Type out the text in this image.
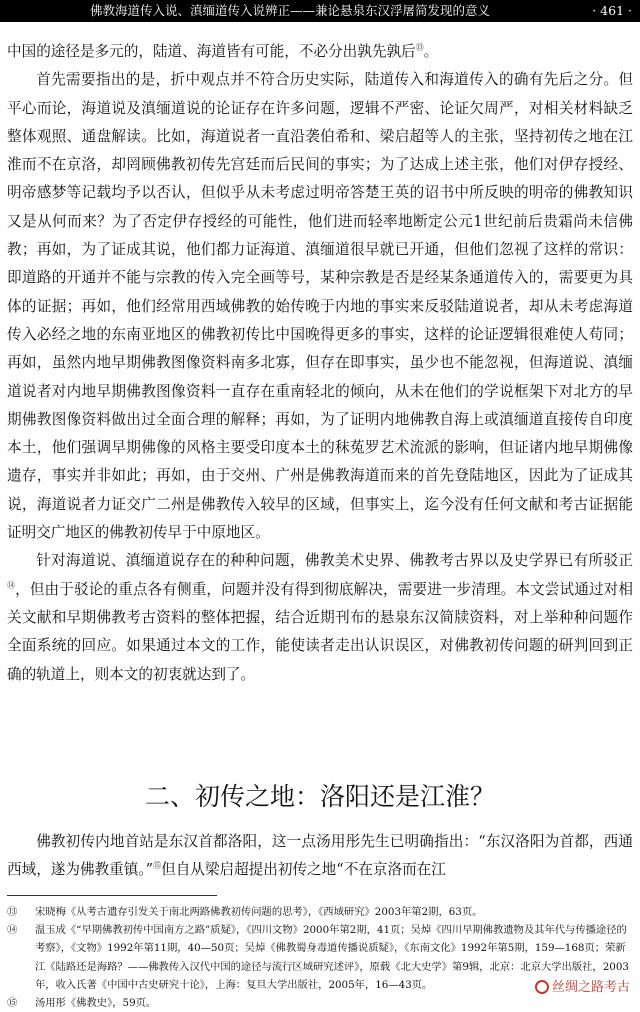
佛教海道传入说、滇缅道传入说辨正——兼论悬泉东汉浮屠简发现的意义	· 461 ·

中国的途径是多元的，陆道、海道皆有可能，不必分出孰先孰后⑬。

首先需要指出的是，折中观点并不符合历史实际，陆道传入和海道传入的确有先后之分。但平心而论，海道说及滇缅道说的论证存在许多问题，逻辑不严密、论证欠周严，对相关材料缺乏整体观照、通盘解读。比如，海道说者一直沿袭伯希和、梁启超等人的主张，坚持初传之地在江淮而不在京洛，却罔顾佛教初传先宫廷而后民间的事实；为了达成上述主张，他们对伊存授经、明帝感梦等记载均予以否认，但似乎从未考虑过明帝答楚王英的诏书中所反映的明帝的佛教知识又是从何而来？为了否定伊存授经的可能性，他们进而轻率地断定公元1世纪前后贵霜尚未信佛教；再如，为了证成其说，他们都力证海道、滇缅道很早就已开通，但他们忽视了这样的常识：即道路的开通并不能与宗教的传入完全画等号，某种宗教是否是经某条通道传入的，需要更为具体的证据；再如，他们经常用西域佛教的始传晚于内地的事实来反驳陆道说者，却从未考虑海道传入必经之地的东南亚地区的佛教初传比中国晚得更多的事实，这样的论证逻辑很难使人苟同；再如，虽然内地早期佛教图像资料南多北寡，但存在即事实，虽少也不能忽视，但海道说、滇缅道说者对内地早期佛教图像资料一直存在重南轻北的倾向，从未在他们的学说框架下对北方的早期佛教图像资料做出过全面合理的解释；再如，为了证明内地佛教自海上或滇缅道直接传自印度本土，他们强调早期佛像的风格主要受印度本土的秣菟罗艺术流派的影响，但证诸内地早期佛像遗存，事实并非如此；再如，由于交州、广州是佛教海道而来的首先登陆地区，因此为了证成其说，海道说者力证交广二州是佛教传入较早的区域，但事实上，迄今没有任何文献和考古证据能证明交广地区的佛教初传早于中原地区。

针对海道说、滇缅道说存在的种种问题，佛教美术史界、佛教考古界以及史学界已有所驳正⑭，但由于驳论的重点各有侧重，问题并没有得到彻底解决，需要进一步清理。本文尝试通过对相关文献和早期佛教考古资料的整体把握，结合近期刊布的悬泉东汉简牍资料，对上举种种问题作全面系统的回应。如果通过本文的工作，能使读者走出认识误区，对佛教初传问题的研判回到正确的轨道上，则本文的初衷就达到了。

二、初传之地：洛阳还是江淮？

佛教初传内地首站是东汉首都洛阳，这一点汤用彤先生已明确指出：“东汉洛阳为首都，西通西域，遂为佛教重镇。”⑮但自从梁启超提出初传之地“不在京洛而在江

⑬ 宋晓梅《从考古遗存引发关于南北两路佛教初传问题的思考》，《西域研究》2003年第2期，63页。
⑭ 温玉成《“早期佛教初传中国南方之路”质疑》，《四川文物》2000年第2期，41页；吴焯《四川早期佛教遗物及其年代与传播途径的考察》，《文物》1992年第11期，40—50页；吴焯《佛教蜀身毒道传播说质疑》，《东南文化》1992年第5期，159—168页；荣新江《陆路还是海路？——佛教传入汉代中国的途径与流行区域研究述评》，原载《北大史学》第9辑，北京：北京大学出版社，2003年，收入氏著《中国中古史研究十论》，上海：复旦大学出版社，2005年，16—43页。
⑮ 汤用彤《佛教史》，59页。
丝绸之路考古
